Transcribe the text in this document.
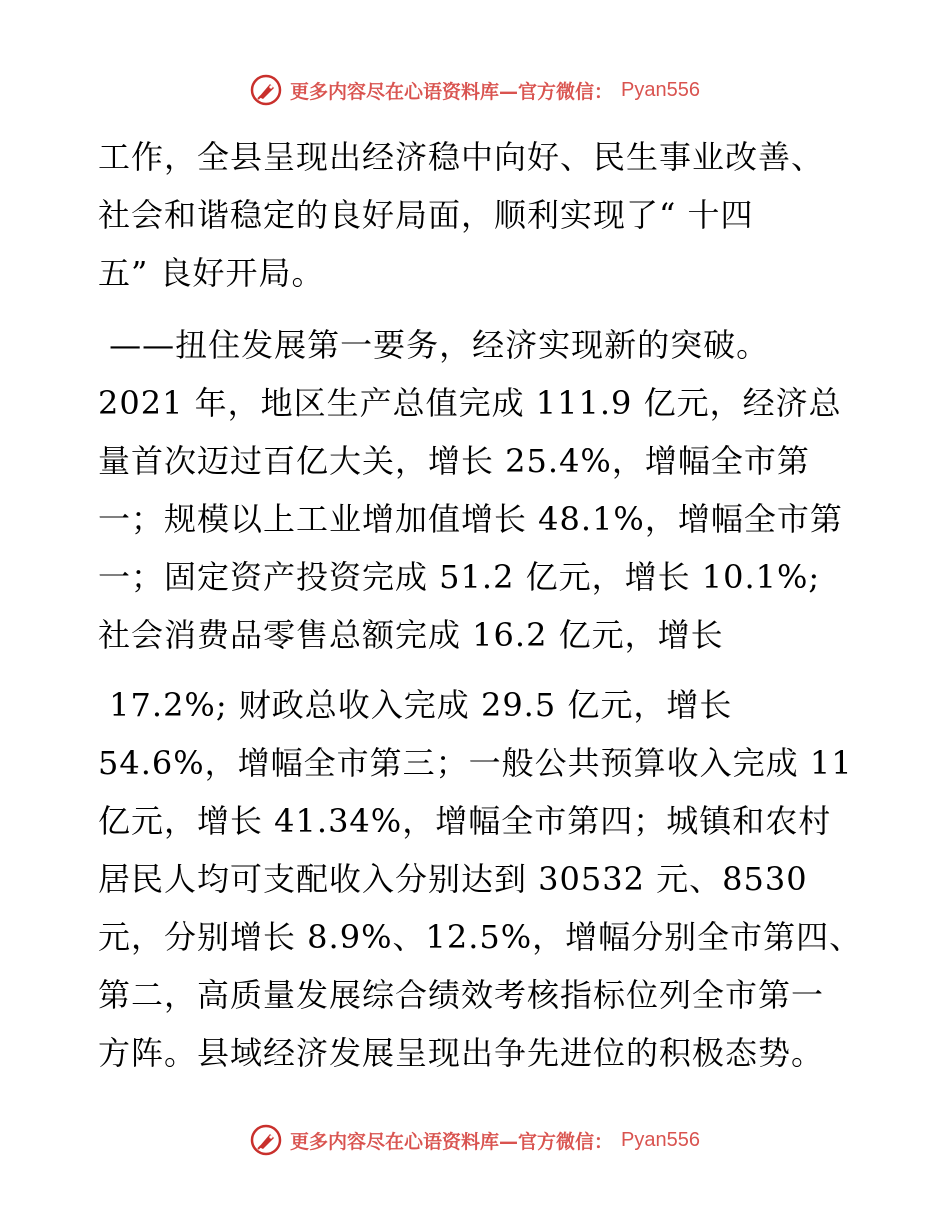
更多内容尽在心语资料库—官方微信： Pyan556
工作，全县呈现出经济稳中向好、民生事业改善、
社会和谐稳定的良好局面，顺利实现了“ 十四
五” 良好开局。
——扭住发展第一要务，经济实现新的突破。
2021 年，地区生产总值完成 111.9 亿元，经济总
量首次迈过百亿大关，增长 25.4%，增幅全市第
一；规模以上工业增加值增长 48.1%，增幅全市第
一；固定资产投资完成 51.2 亿元，增长 10.1%;
社会消费品零售总额完成 16.2 亿元，增长
17.2%; 财政总收入完成 29.5 亿元，增长
54.6%，增幅全市第三；一般公共预算收入完成 11
亿元，增长 41.34%，增幅全市第四；城镇和农村
居民人均可支配收入分别达到 30532 元、8530
元，分别增长 8.9%、12.5%，增幅分别全市第四、
第二，高质量发展综合绩效考核指标位列全市第一
方阵。县域经济发展呈现出争先进位的积极态势。
更多内容尽在心语资料库—官方微信： Pyan556
